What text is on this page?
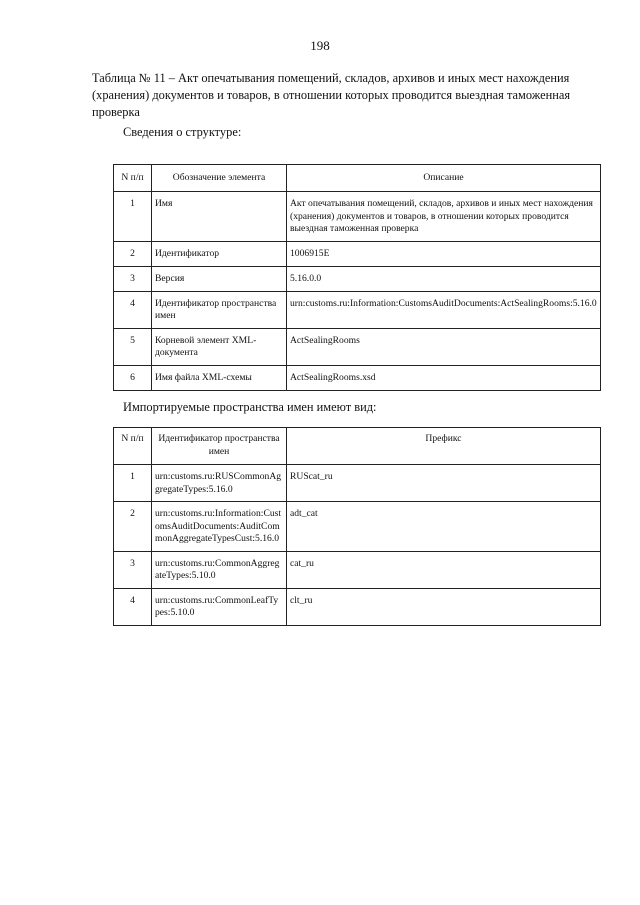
198
Таблица № 11 – Акт опечатывания помещений, складов, архивов и иных мест нахождения (хранения) документов и товаров, в отношении которых проводится выездная таможенная проверка
Сведения о структуре:
N п/п	Обозначение элемента	Описание

1	Имя	Акт опечатывания помещений, складов, архивов и иных мест нахождения (хранения) документов и товаров, в отношении которых проводится выездная таможенная проверка

2	Идентификатор	1006915E

3	Версия	5.16.0.0

4	Идентификатор пространства имен	urn:customs.ru:Information:CustomsAuditDocuments:ActSealingRooms:5.16.0

5	Корневой элемент XML-документа	ActSealingRooms

6	Имя файла XML-схемы	ActSealingRooms.xsd
Импортируемые пространства имен имеют вид:
N п/п	Идентификатор пространства имен	Префикс

1	urn:customs.ru:RUSCommonAggregateTypes:5.16.0	RUScat_ru

2	urn:customs.ru:Information:CustomsAuditDocuments:AuditCommonAggregateTypesCust:5.16.0	adt_cat

3	urn:customs.ru:CommonAggregateTypes:5.10.0	cat_ru

4	urn:customs.ru:CommonLeafTypes:5.10.0	clt_ru
